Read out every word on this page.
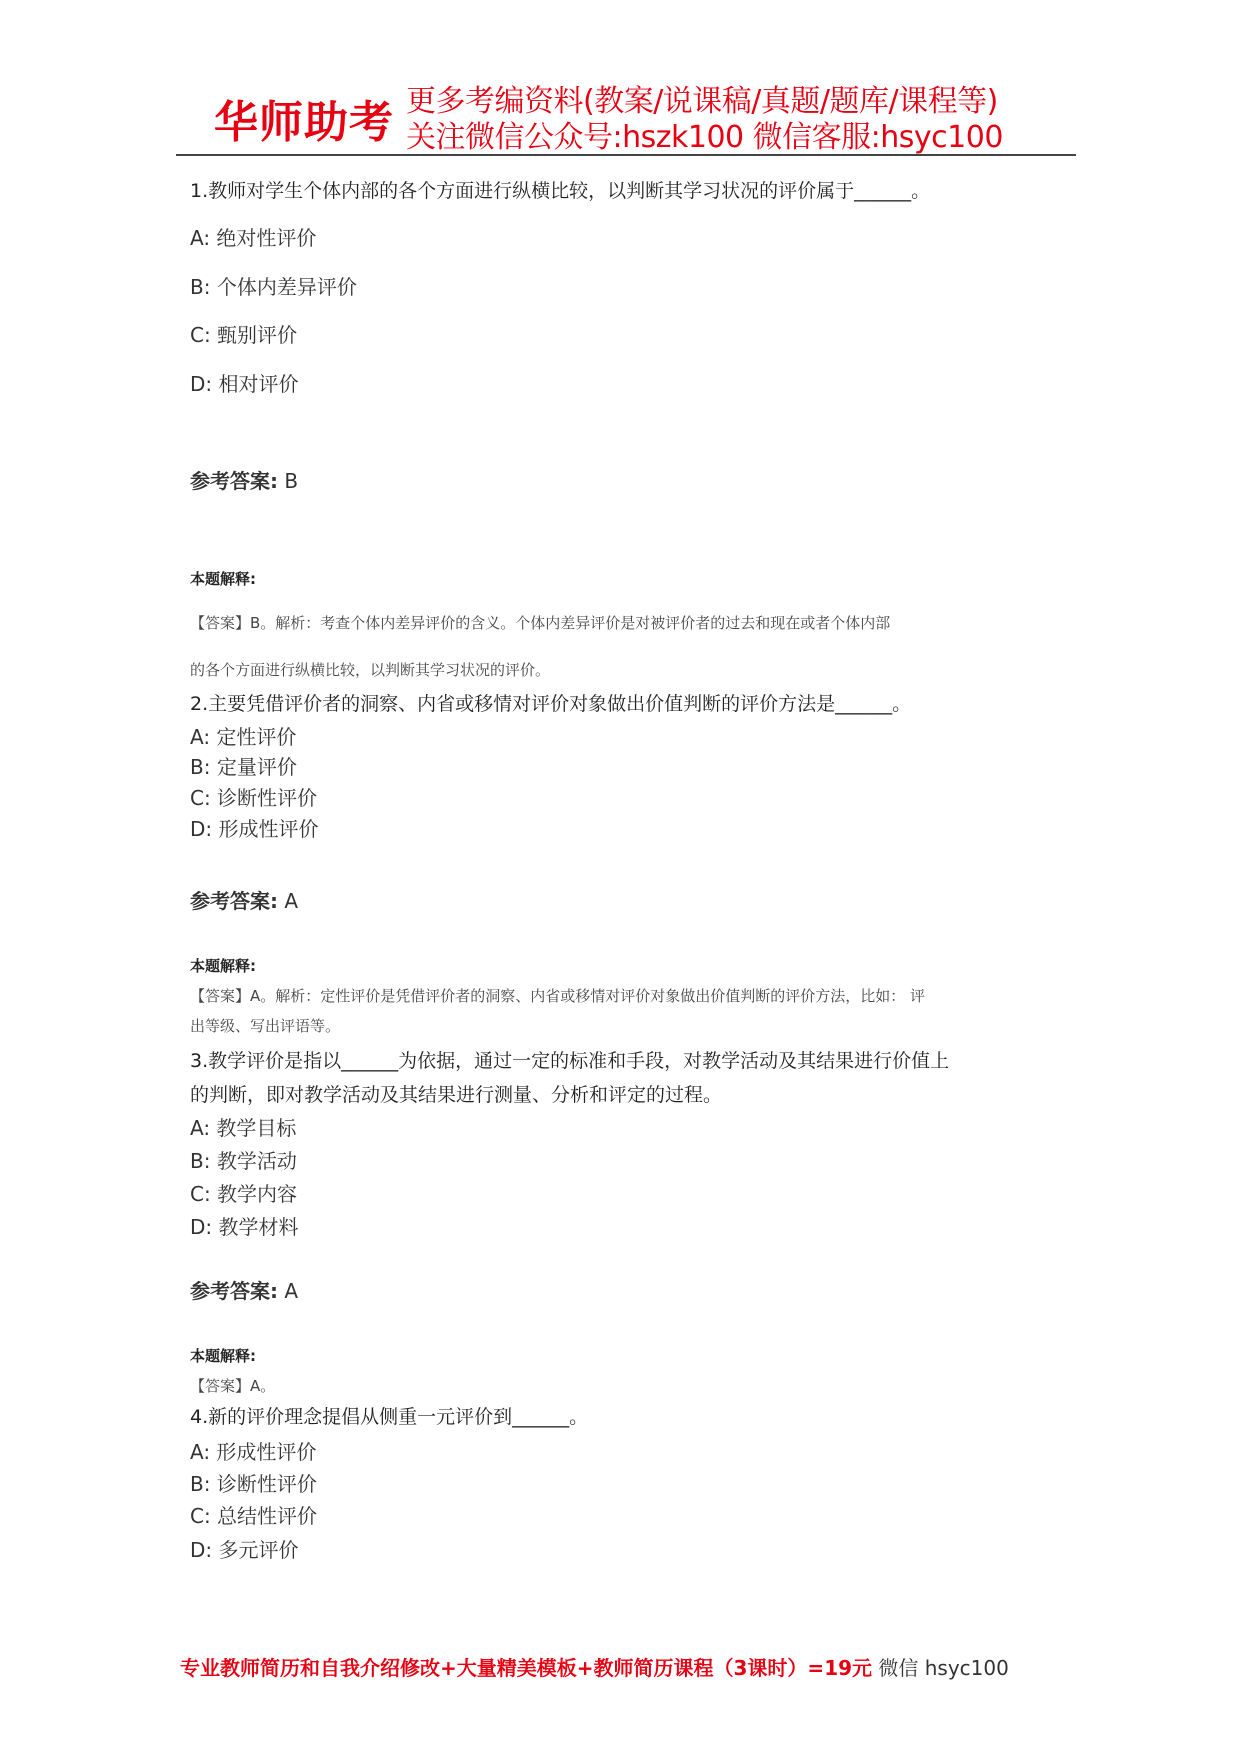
华师助考 更多考编资料(教案/说课稿/真题/题库/课程等)
关注微信公众号:hszk100 微信客服:hsyc100
1.教师对学生个体内部的各个方面进行纵横比较，以判断其学习状况的评价属于______。
A: 绝对性评价
B: 个体内差异评价
C: 甄别评价
D: 相对评价
参考答案: B
本题解释:
【答案】B。解析：考查个体内差异评价的含义。个体内差异评价是对被评价者的过去和现在或者个体内部
的各个方面进行纵横比较，以判断其学习状况的评价。
2.主要凭借评价者的洞察、内省或移情对评价对象做出价值判断的评价方法是______。
A: 定性评价
B: 定量评价
C: 诊断性评价
D: 形成性评价
参考答案: A
本题解释:
【答案】A。解析：定性评价是凭借评价者的洞察、内省或移情对评价对象做出价值判断的评价方法，比如： 评
出等级、写出评语等。
3.教学评价是指以______为依据，通过一定的标准和手段，对教学活动及其结果进行价值上
的判断，即对教学活动及其结果进行测量、分析和评定的过程。
A: 教学目标
B: 教学活动
C: 教学内容
D: 教学材料
参考答案: A
本题解释:
【答案】A。
4.新的评价理念提倡从侧重一元评价到______。
A: 形成性评价
B: 诊断性评价
C: 总结性评价
D: 多元评价
专业教师简历和自我介绍修改+大量精美模板+教师简历课程（3课时）=19元 微信 hsyc100
